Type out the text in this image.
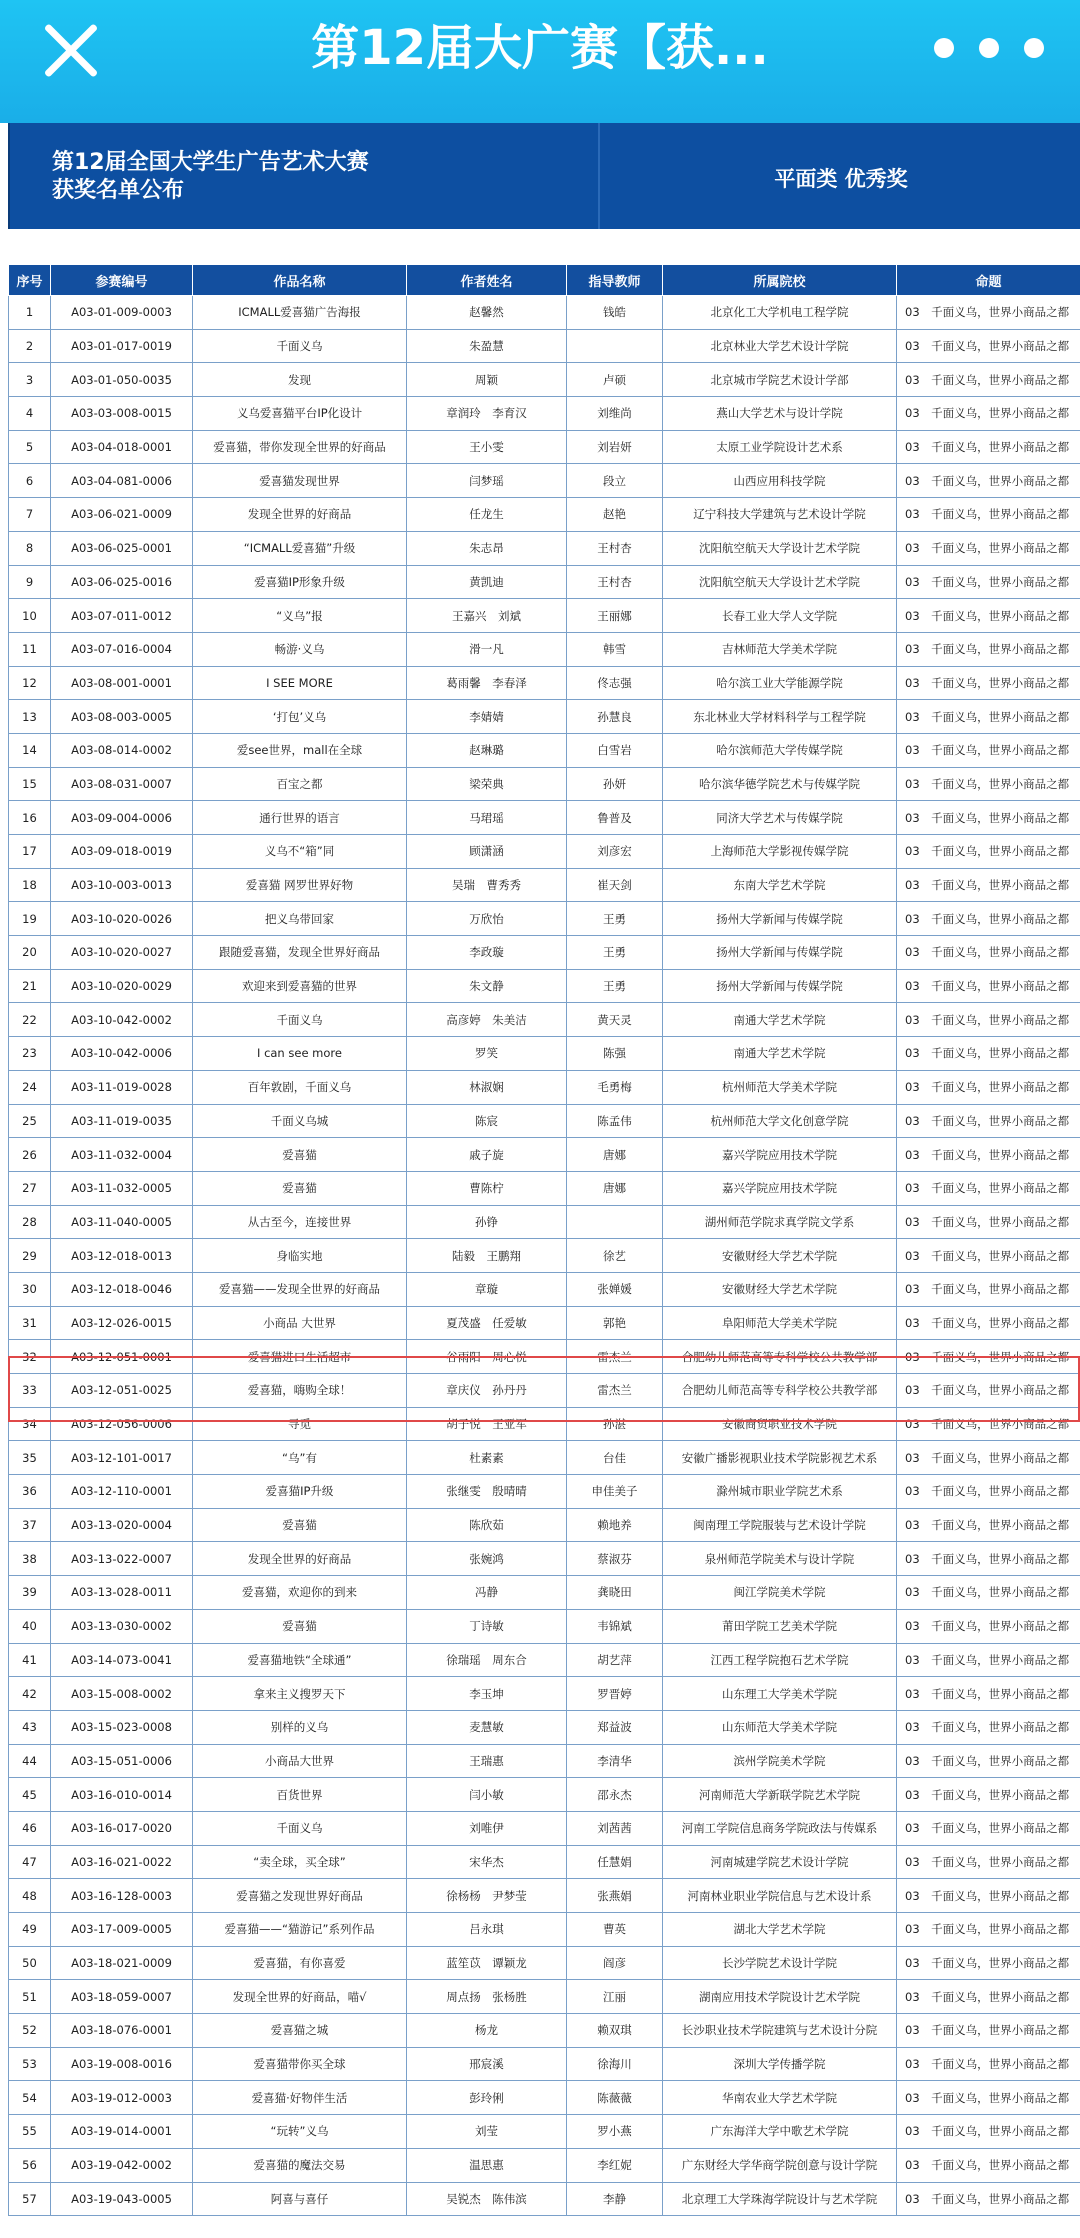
第12届大广赛【获...
第12届全国大学生广告艺术大赛
获奖名单公布	平面类 优秀奖
序号	参赛编号	作品名称	作者姓名	指导教师	所属院校	命题
1	A03-01-009-0003	ICMALL爱喜猫广告海报	赵馨然	钱皓	北京化工大学机电工程学院	03　千面义乌，世界小商品之都
2	A03-01-017-0019	千面义乌	朱盈慧		北京林业大学艺术设计学院	03　千面义乌，世界小商品之都
3	A03-01-050-0035	发现	周颖	卢硕	北京城市学院艺术设计学部	03　千面义乌，世界小商品之都
4	A03-03-008-0015	义乌爱喜猫平台IP化设计	章润玲　李育汉	刘维尚	燕山大学艺术与设计学院	03　千面义乌，世界小商品之都
5	A03-04-018-0001	爱喜猫，带你发现全世界的好商品	王小雯	刘岩妍	太原工业学院设计艺术系	03　千面义乌，世界小商品之都
6	A03-04-081-0006	爱喜猫发现世界	闫梦瑶	段立	山西应用科技学院	03　千面义乌，世界小商品之都
7	A03-06-021-0009	发现全世界的好商品	任龙生	赵艳	辽宁科技大学建筑与艺术设计学院	03　千面义乌，世界小商品之都
8	A03-06-025-0001	“ICMALL爱喜猫”升级	朱志昂	王村杏	沈阳航空航天大学设计艺术学院	03　千面义乌，世界小商品之都
9	A03-06-025-0016	爱喜猫IP形象升级	黄凯迪	王村杏	沈阳航空航天大学设计艺术学院	03　千面义乌，世界小商品之都
10	A03-07-011-0012	“义乌”报	王嘉兴　刘斌	王丽娜	长春工业大学人文学院	03　千面义乌，世界小商品之都
11	A03-07-016-0004	畅游·义乌	滑一凡	韩雪	吉林师范大学美术学院	03　千面义乌，世界小商品之都
12	A03-08-001-0001	I SEE MORE	葛雨馨　李春泽	佟志强	哈尔滨工业大学能源学院	03　千面义乌，世界小商品之都
13	A03-08-003-0005	‘打包’义乌	李婧婧	孙慧良	东北林业大学材料科学与工程学院	03　千面义乌，世界小商品之都
14	A03-08-014-0002	爱see世界，mall在全球	赵琳璐	白雪岩	哈尔滨师范大学传媒学院	03　千面义乌，世界小商品之都
15	A03-08-031-0007	百宝之都	梁荣典	孙妍	哈尔滨华德学院艺术与传媒学院	03　千面义乌，世界小商品之都
16	A03-09-004-0006	通行世界的语言	马珺瑶	鲁普及	同济大学艺术与传媒学院	03　千面义乌，世界小商品之都
17	A03-09-018-0019	义乌不“箱”同	顾潇涵	刘彦宏	上海师范大学影视传媒学院	03　千面义乌，世界小商品之都
18	A03-10-003-0013	爱喜猫 网罗世界好物	吴瑞　曹秀秀	崔天剑	东南大学艺术学院	03　千面义乌，世界小商品之都
19	A03-10-020-0026	把义乌带回家	万欣怡	王勇	扬州大学新闻与传媒学院	03　千面义乌，世界小商品之都
20	A03-10-020-0027	跟随爱喜猫，发现全世界好商品	李政璇	王勇	扬州大学新闻与传媒学院	03　千面义乌，世界小商品之都
21	A03-10-020-0029	欢迎来到爱喜猫的世界	朱文静	王勇	扬州大学新闻与传媒学院	03　千面义乌，世界小商品之都
22	A03-10-042-0002	千面义乌	高彦婷　朱美洁	黄天灵	南通大学艺术学院	03　千面义乌，世界小商品之都
23	A03-10-042-0006	I can see more	罗笑	陈强	南通大学艺术学院	03　千面义乌，世界小商品之都
24	A03-11-019-0028	百年敦剧，千面义乌	林淑娴	毛勇梅	杭州师范大学美术学院	03　千面义乌，世界小商品之都
25	A03-11-019-0035	千面义乌城	陈宸	陈孟伟	杭州师范大学文化创意学院	03　千面义乌，世界小商品之都
26	A03-11-032-0004	爱喜猫	戚子旋	唐娜	嘉兴学院应用技术学院	03　千面义乌，世界小商品之都
27	A03-11-032-0005	爱喜猫	曹陈柠	唐娜	嘉兴学院应用技术学院	03　千面义乌，世界小商品之都
28	A03-11-040-0005	从古至今，连接世界	孙铮		湖州师范学院求真学院文学系	03　千面义乌，世界小商品之都
29	A03-12-018-0013	身临实地	陆毅　王鹏翔	徐艺	安徽财经大学艺术学院	03　千面义乌，世界小商品之都
30	A03-12-018-0046	爱喜猫——发现全世界的好商品	章璇	张婵媛	安徽财经大学艺术学院	03　千面义乌，世界小商品之都
31	A03-12-026-0015	小商品 大世界	夏茂盛　任爱敏	郭艳	阜阳师范大学美术学院	03　千面义乌，世界小商品之都
32	A03-12-051-0001	爱喜猫进口生活超市	谷雨阳　周心悦	雷杰兰	合肥幼儿师范高等专科学校公共教学部	03　千面义乌，世界小商品之都
33	A03-12-051-0025	爱喜猫，嗨购全球！	章庆仪　孙丹丹	雷杰兰	合肥幼儿师范高等专科学校公共教学部	03　千面义乌，世界小商品之都
34	A03-12-056-0006	寻觅	胡子悦　王亚军	孙湛	安徽商贸职业技术学院	03　千面义乌，世界小商品之都
35	A03-12-101-0017	“乌”有	杜素素	台佳	安徽广播影视职业技术学院影视艺术系	03　千面义乌，世界小商品之都
36	A03-12-110-0001	爱喜猫IP升级	张继雯　殷晴晴	申佳美子	滁州城市职业学院艺术系	03　千面义乌，世界小商品之都
37	A03-13-020-0004	爱喜猫	陈欣茹	赖地养	闽南理工学院服装与艺术设计学院	03　千面义乌，世界小商品之都
38	A03-13-022-0007	发现全世界的好商品	张婉鸿	蔡淑芬	泉州师范学院美术与设计学院	03　千面义乌，世界小商品之都
39	A03-13-028-0011	爱喜猫，欢迎你的到来	冯静	龚晓田	闽江学院美术学院	03　千面义乌，世界小商品之都
40	A03-13-030-0002	爱喜猫	丁诗敏	韦锦斌	莆田学院工艺美术学院	03　千面义乌，世界小商品之都
41	A03-14-073-0041	爱喜猫地铁“全球通”	徐瑞瑶　周东合	胡艺萍	江西工程学院抱石艺术学院	03　千面义乌，世界小商品之都
42	A03-15-008-0002	拿来主义搜罗天下	李玉坤	罗晋婷	山东理工大学美术学院	03　千面义乌，世界小商品之都
43	A03-15-023-0008	别样的义乌	麦慧敏	郑益波	山东师范大学美术学院	03　千面义乌，世界小商品之都
44	A03-15-051-0006	小商品大世界	王瑞惠	李清华	滨州学院美术学院	03　千面义乌，世界小商品之都
45	A03-16-010-0014	百货世界	闫小敏	邵永杰	河南师范大学新联学院艺术学院	03　千面义乌，世界小商品之都
46	A03-16-017-0020	千面义乌	刘唯伊	刘茜茜	河南工学院信息商务学院政法与传媒系	03　千面义乌，世界小商品之都
47	A03-16-021-0022	“卖全球，买全球”	宋华杰	任慧娟	河南城建学院艺术设计学院	03　千面义乌，世界小商品之都
48	A03-16-128-0003	爱喜猫之发现世界好商品	徐杨杨　尹梦莹	张燕娟	河南林业职业学院信息与艺术设计系	03　千面义乌，世界小商品之都
49	A03-17-009-0005	爱喜猫——“猫游记”系列作品	吕永琪	曹英	湖北大学艺术学院	03　千面义乌，世界小商品之都
50	A03-18-021-0009	爱喜猫，有你喜爱	蓝笙苡　谭颖龙	阎彦	长沙学院艺术设计学院	03　千面义乌，世界小商品之都
51	A03-18-059-0007	发现全世界的好商品，喵√	周点扬　张杨胜	江丽	湖南应用技术学院设计艺术学院	03　千面义乌，世界小商品之都
52	A03-18-076-0001	爱喜猫之城	杨龙	赖双琪	长沙职业技术学院建筑与艺术设计分院	03　千面义乌，世界小商品之都
53	A03-19-008-0016	爱喜猫带你买全球	邢宸溪	徐海川	深圳大学传播学院	03　千面义乌，世界小商品之都
54	A03-19-012-0003	爱喜猫·好物伴生活	彭玲俐	陈薇薇	华南农业大学艺术学院	03　千面义乌，世界小商品之都
55	A03-19-014-0001	“玩转”义乌	刘莹	罗小燕	广东海洋大学中歌艺术学院	03　千面义乌，世界小商品之都
56	A03-19-042-0002	爱喜猫的魔法交易	温思惠	李红妮	广东财经大学华商学院创意与设计学院	03　千面义乌，世界小商品之都
57	A03-19-043-0005	阿喜与喜仔	吴锐杰　陈伟滨	李静	北京理工大学珠海学院设计与艺术学院	03　千面义乌，世界小商品之都
